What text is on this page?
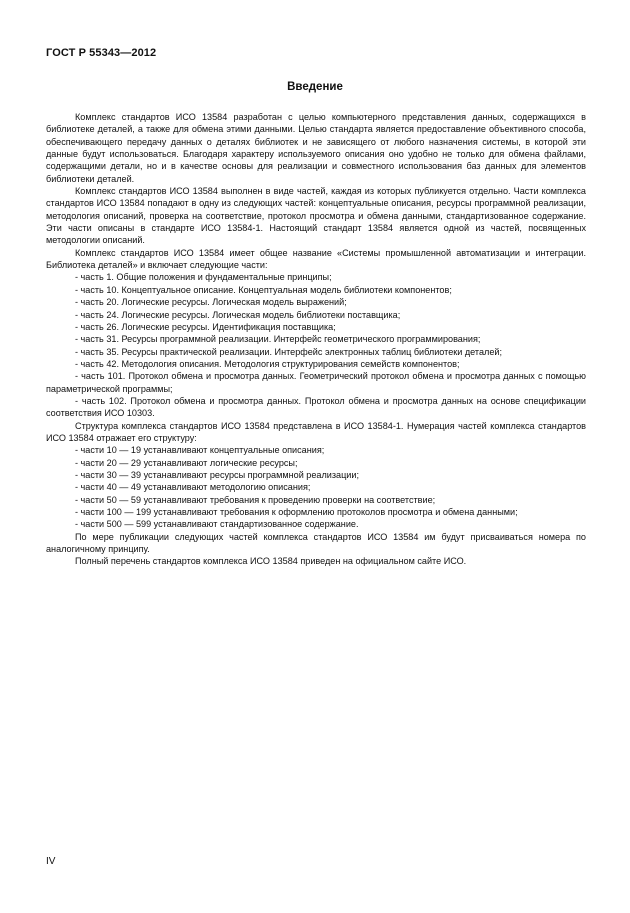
ГОСТ Р 55343—2012
Введение

Комплекс стандартов ИСО 13584 разработан с целью компьютерного представления данных, содержащихся в библиотеке деталей, а также для обмена этими данными. Целью стандарта является предоставление объективного способа, обеспечивающего передачу данных о деталях библиотек и не зависящего от любого назначения системы, в которой эти данные будут использоваться. Благодаря характеру используемого описания оно удобно не только для обмена файлами, содержащими детали, но и в качестве основы для реализации и совместного использования баз данных для элементов библиотеки деталей.

Комплекс стандартов ИСО 13584 выполнен в виде частей, каждая из которых публикуется отдельно. Части комплекса стандартов ИСО 13584 попадают в одну из следующих частей: концептуальные описания, ресурсы программной реализации, методология описаний, проверка на соответствие, протокол просмотра и обмена данными, стандартизованное содержание. Эти части описаны в стандарте ИСО 13584-1. Настоящий стандарт 13584 является одной из частей, посвященных методологии описаний.

Комплекс стандартов ИСО 13584 имеет общее название «Системы промышленной автоматизации и интеграции. Библиотека деталей» и включает следующие части:

- часть 1. Общие положения и фундаментальные принципы;

- часть 10. Концептуальное описание. Концептуальная модель библиотеки компонентов;

- часть 20. Логические ресурсы. Логическая модель выражений;

- часть 24. Логические ресурсы. Логическая модель библиотеки поставщика;

- часть 26. Логические ресурсы. Идентификация поставщика;

- часть 31. Ресурсы программной реализации. Интерфейс геометрического программирования;

- часть 35. Ресурсы практической реализации. Интерфейс электронных таблиц библиотеки деталей;

- часть 42. Методология описания. Методология структурирования семейств компонентов;

- часть 101. Протокол обмена и просмотра данных. Геометрический протокол обмена и просмотра данных с помощью параметрической программы;

- часть 102. Протокол обмена и просмотра данных. Протокол обмена и просмотра данных на основе спецификации соответствия ИСО 10303.

Структура комплекса стандартов ИСО 13584 представлена в ИСО 13584-1. Нумерация частей комплекса стандартов ИСО 13584 отражает его структуру:

- части 10 — 19 устанавливают концептуальные описания;

- части 20 — 29 устанавливают логические ресурсы;

- части 30 — 39 устанавливают ресурсы программной реализации;

- части 40 — 49 устанавливают методологию описания;

- части 50 — 59 устанавливают требования к проведению проверки на соответствие;

- части 100 — 199 устанавливают требования к оформлению протоколов просмотра и обмена данными;

- части 500 — 599 устанавливают стандартизованное содержание.

По мере публикации следующих частей комплекса стандартов ИСО 13584 им будут присваиваться номера по аналогичному принципу.

Полный перечень стандартов комплекса ИСО 13584 приведен на официальном сайте ИСО.

IV
